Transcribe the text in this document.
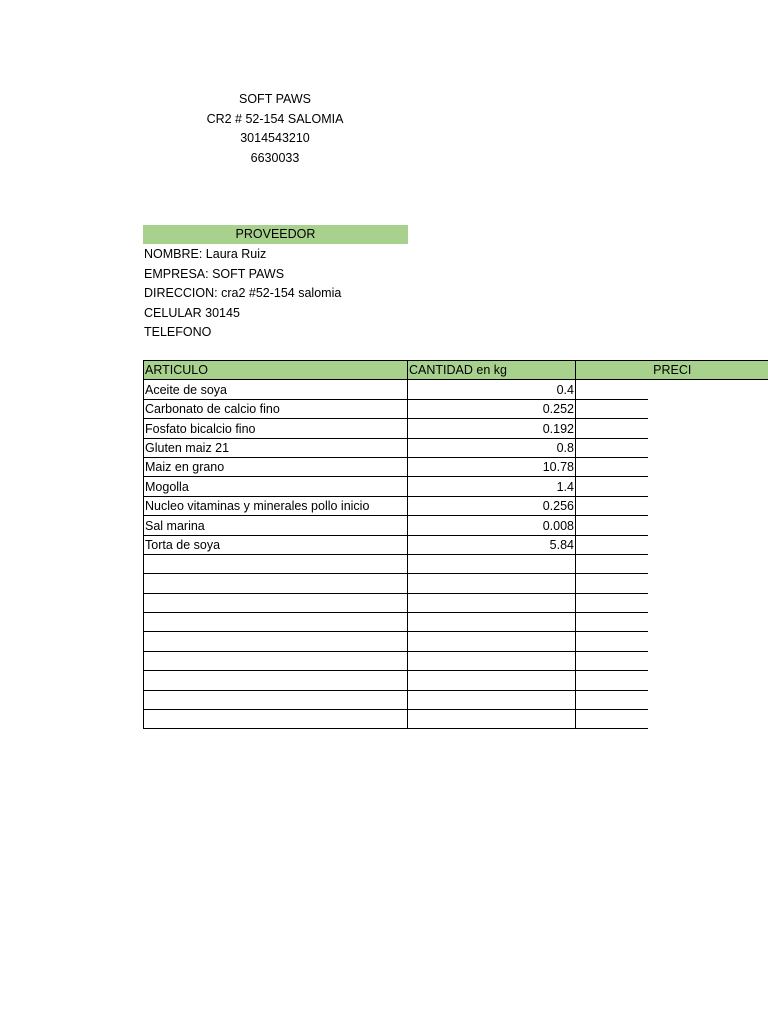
SOFT PAWS
CR2 # 52-154 SALOMIA
3014543210
6630033
PROVEEDOR
NOMBRE: Laura Ruiz
EMPRESA: SOFT PAWS
DIRECCION: cra2 #52-154 salomia
CELULAR 30145
TELEFONO
ARTICULO	CANTIDAD en kg	PRECI
Aceite de soya	0.4	
Carbonato de calcio fino	0.252	
Fosfato bicalcio fino	0.192	
Gluten maiz 21	0.8	
Maiz en grano	10.78	
Mogolla	1.4	
Nucleo vitaminas y minerales pollo inicio	0.256	
Sal marina	0.008	
Torta de soya	5.84	
